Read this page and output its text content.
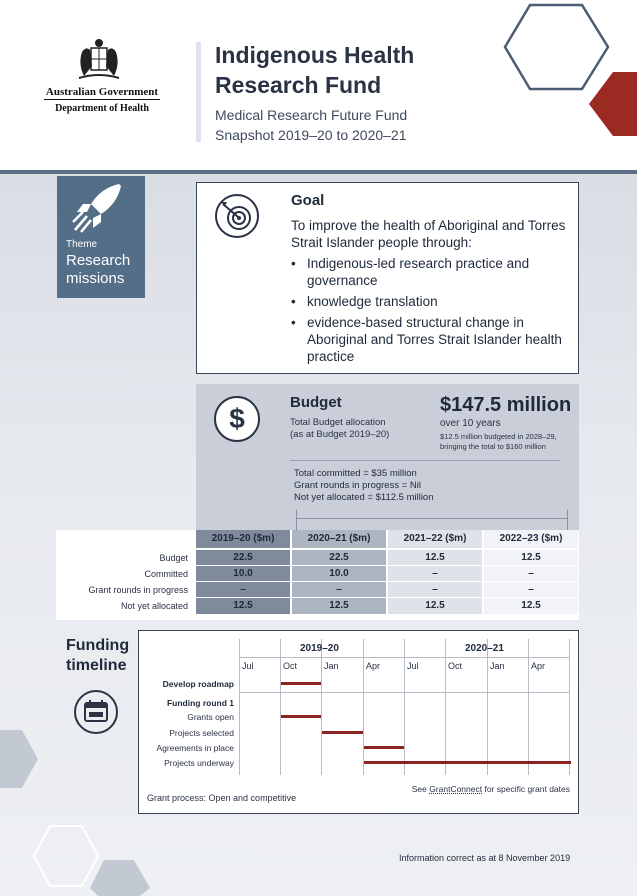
Australian Government
Department of Health
Indigenous Health
Research Fund
Medical Research Future Fund
Snapshot 2019–20 to 2020–21
Theme
Research missions
Goal
To improve the health of Aboriginal and Torres Strait Islander people through:
• Indigenous-led research practice and governance
• knowledge translation
• evidence-based structural change in Aboriginal and Torres Strait Islander health practice
$
Budget
Total Budget allocation (as at Budget 2019–20)
$147.5 million
over 10 years
$12.5 million budgeted in 2028–29, bringing the total to $160 million
Total committed = $35 million
Grant rounds in progress = Nil
Not yet allocated = $112.5 million
2019–20 ($m)	2020–21 ($m)	2021–22 ($m)	2022–23 ($m)
Budget	22.5	22.5	12.5	12.5
Committed	10.0	10.0	–	–
Grant rounds in progress	–	–	–	–
Not yet allocated	12.5	12.5	12.5	12.5
Funding
timeline
2019–20	2020–21
Jul	Oct	Jan	Apr	Jul	Oct	Jan	Apr
Develop roadmap
Funding round 1
Grants open
Projects selected
Agreements in place
Projects underway
See GrantConnect for specific grant dates
Grant process: Open and competitive
Information correct as at 8 November 2019
